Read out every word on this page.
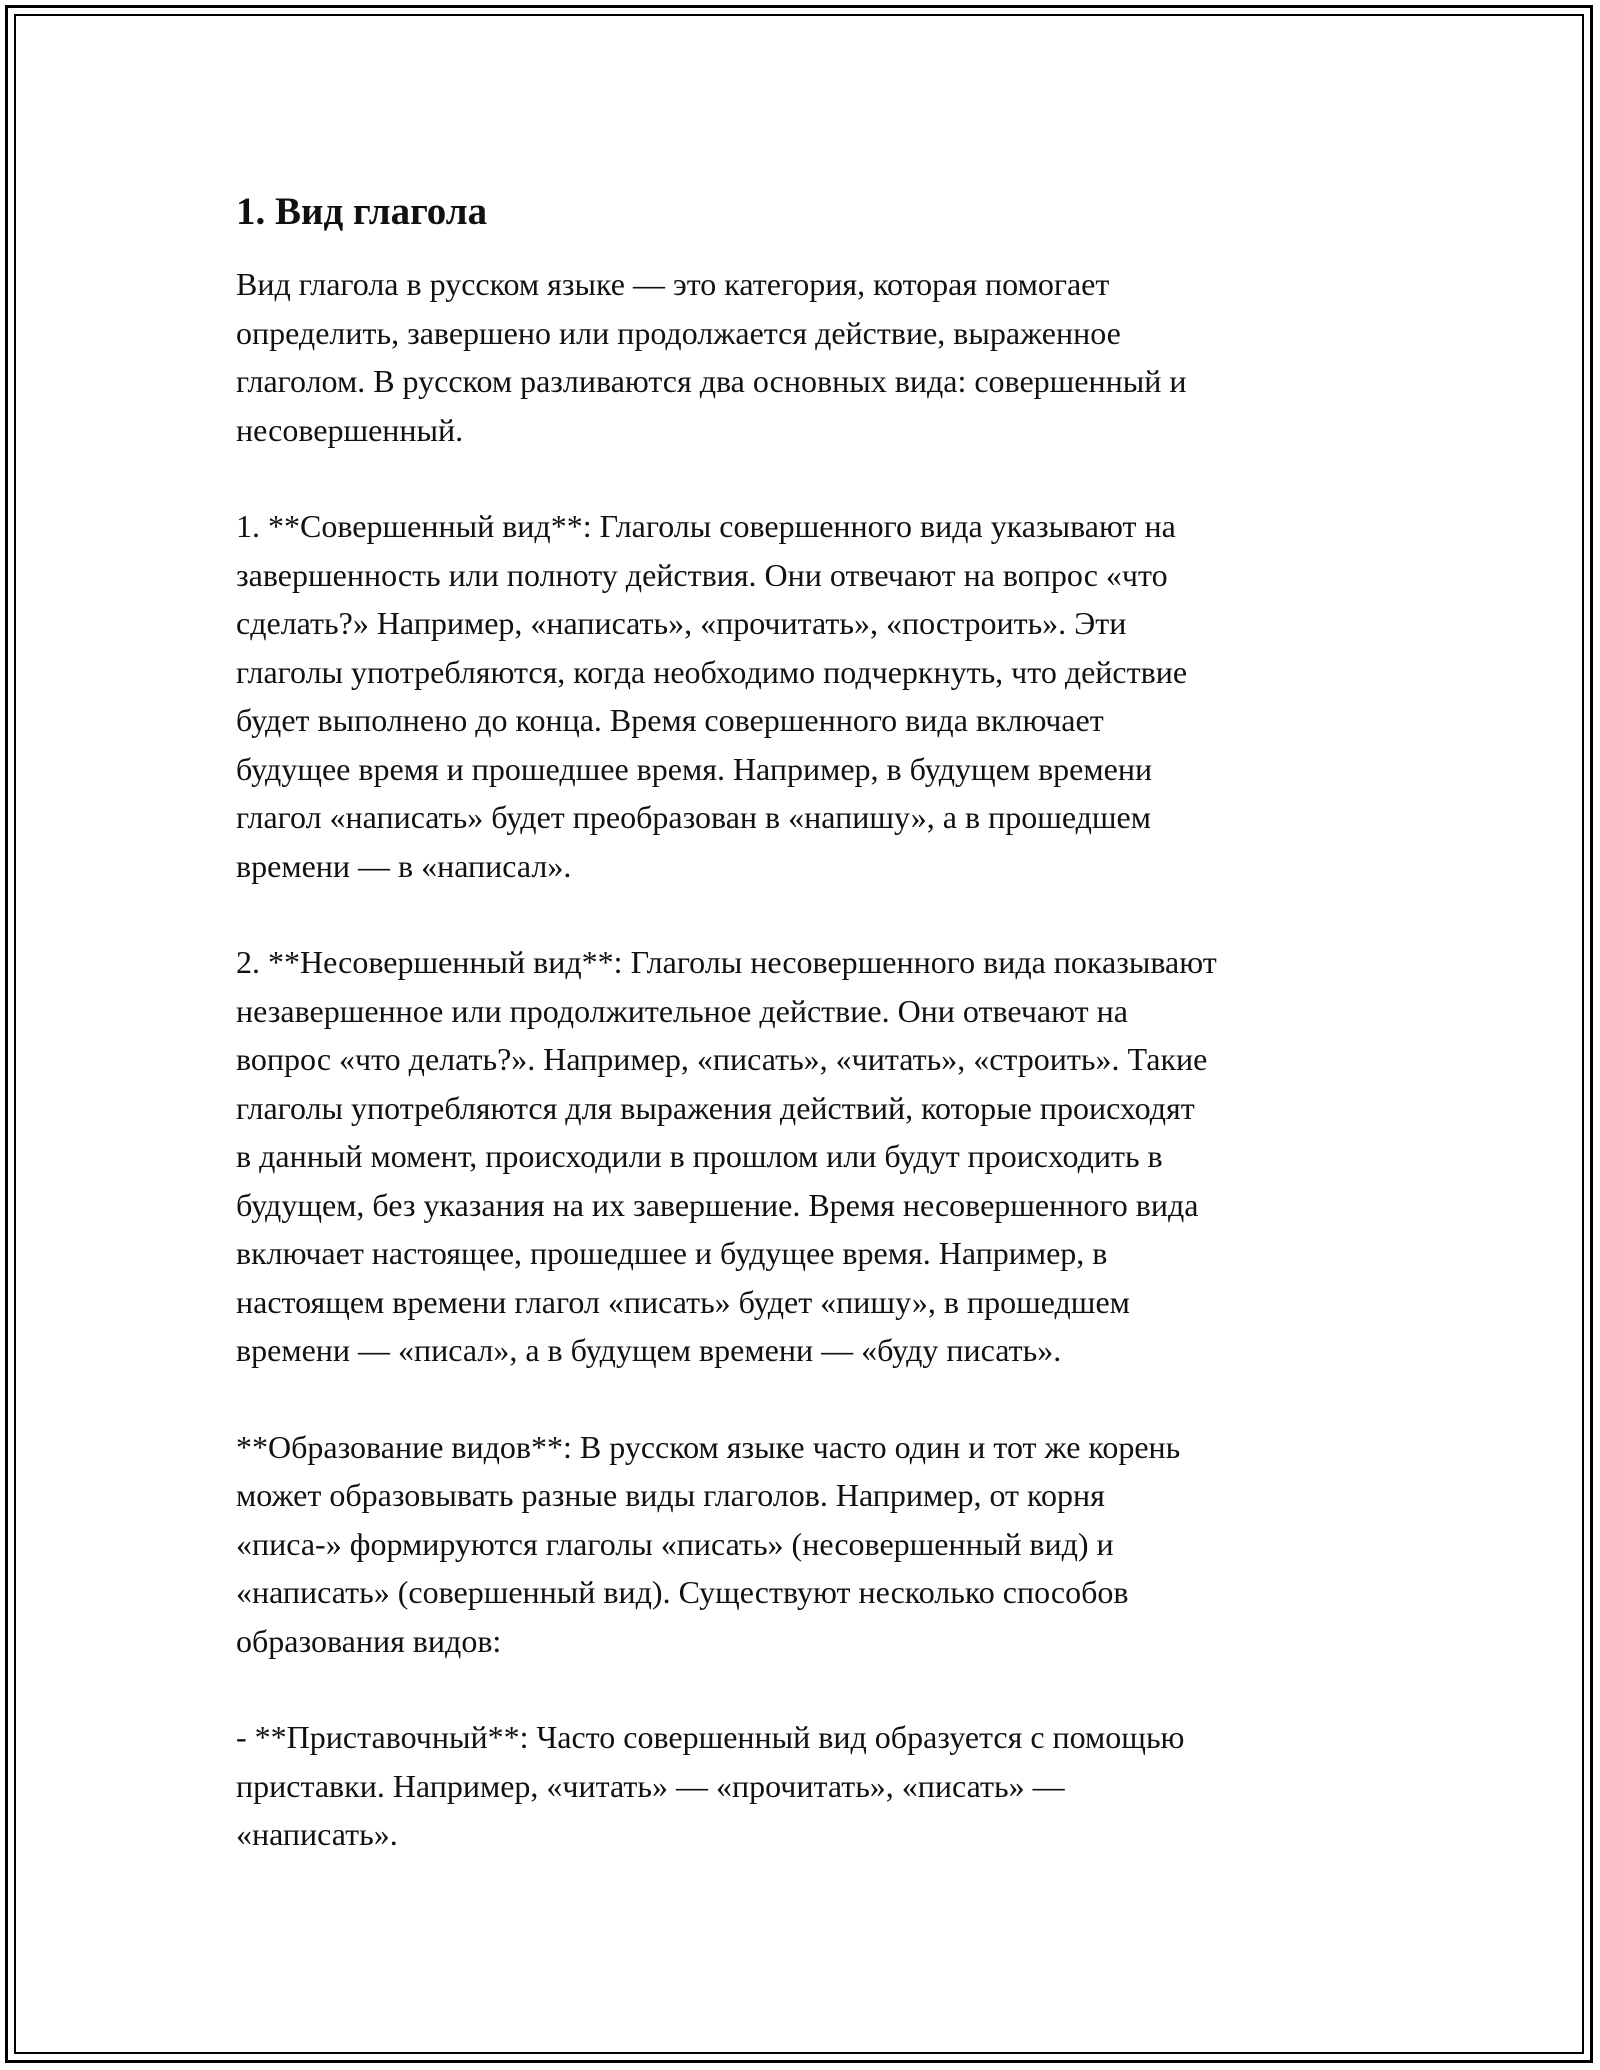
1. Вид глагола

Вид глагола в русском языке — это категория, которая помогает
определить, завершено или продолжается действие, выраженное
глаголом. В русском разливаются два основных вида: совершенный и
несовершенный.

1. **Совершенный вид**: Глаголы совершенного вида указывают на
завершенность или полноту действия. Они отвечают на вопрос «что
сделать?» Например, «написать», «прочитать», «построить». Эти
глаголы употребляются, когда необходимо подчеркнуть, что действие
будет выполнено до конца. Время совершенного вида включает
будущее время и прошедшее время. Например, в будущем времени
глагол «написать» будет преобразован в «напишу», а в прошедшем
времени — в «написал».

2. **Несовершенный вид**: Глаголы несовершенного вида показывают
незавершенное или продолжительное действие. Они отвечают на
вопрос «что делать?». Например, «писать», «читать», «строить». Такие
глаголы употребляются для выражения действий, которые происходят
в данный момент, происходили в прошлом или будут происходить в
будущем, без указания на их завершение. Время несовершенного вида
включает настоящее, прошедшее и будущее время. Например, в
настоящем времени глагол «писать» будет «пишу», в прошедшем
времени — «писал», а в будущем времени — «буду писать».

**Образование видов**: В русском языке часто один и тот же корень
может образовывать разные виды глаголов. Например, от корня
«писа-» формируются глаголы «писать» (несовершенный вид) и
«написать» (совершенный вид). Существуют несколько способов
образования видов:

- **Приставочный**: Часто совершенный вид образуется с помощью
приставки. Например, «читать» — «прочитать», «писать» —
«написать».
